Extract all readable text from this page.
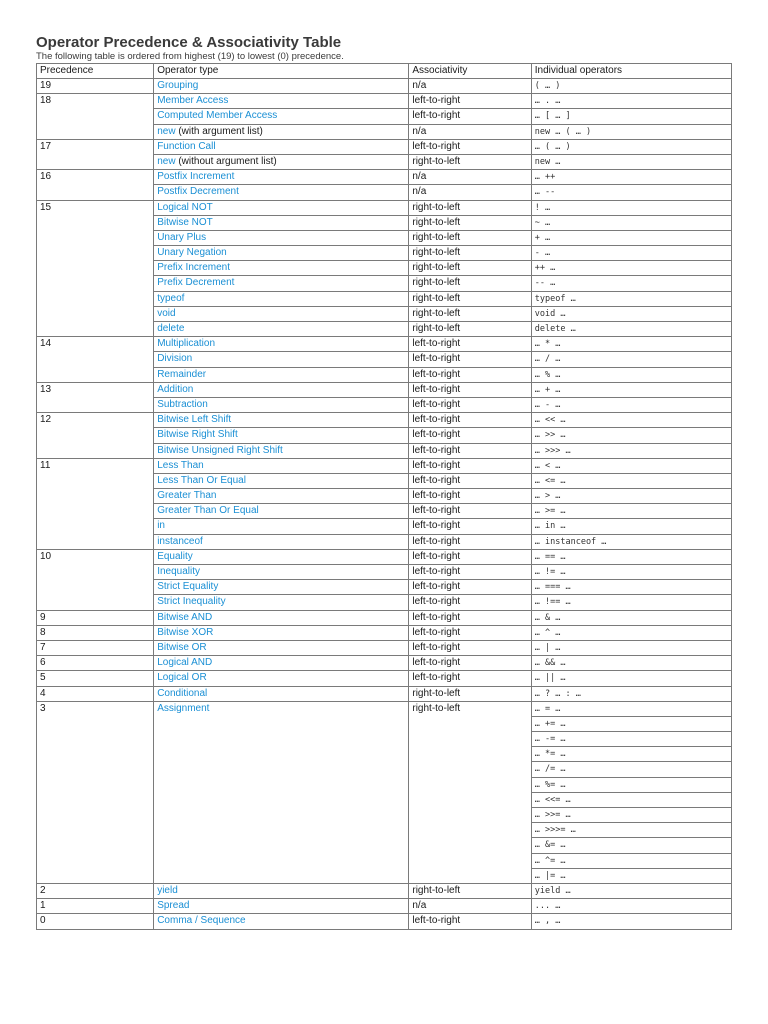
Operator Precedence & Associativity Table

The following table is ordered from highest (19) to lowest (0) precedence.

Precedence	Operator type	Associativity	Individual operators
19	Grouping	n/a	( … )
18	Member Access	left-to-right	… . …
	Computed Member Access	left-to-right	… [ … ]
	new (with argument list)	n/a	new … ( … )
17	Function Call	left-to-right	… ( … )
	new (without argument list)	right-to-left	new …
16	Postfix Increment	n/a	… ++
	Postfix Decrement	n/a	… --
15	Logical NOT	right-to-left	! …
	Bitwise NOT	right-to-left	~ …
	Unary Plus	right-to-left	+ …
	Unary Negation	right-to-left	- …
	Prefix Increment	right-to-left	++ …
	Prefix Decrement	right-to-left	-- …
	typeof	right-to-left	typeof …
	void	right-to-left	void …
	delete	right-to-left	delete …
14	Multiplication	left-to-right	… * …
	Division	left-to-right	… / …
	Remainder	left-to-right	… % …
13	Addition	left-to-right	… + …
	Subtraction	left-to-right	… - …
12	Bitwise Left Shift	left-to-right	… << …
	Bitwise Right Shift	left-to-right	… >> …
	Bitwise Unsigned Right Shift	left-to-right	… >>> …
11	Less Than	left-to-right	… < …
	Less Than Or Equal	left-to-right	… <= …
	Greater Than	left-to-right	… > …
	Greater Than Or Equal	left-to-right	… >= …
	in	left-to-right	… in …
	instanceof	left-to-right	… instanceof …
10	Equality	left-to-right	… == …
	Inequality	left-to-right	… != …
	Strict Equality	left-to-right	… === …
	Strict Inequality	left-to-right	… !== …
9	Bitwise AND	left-to-right	… & …
8	Bitwise XOR	left-to-right	… ^ …
7	Bitwise OR	left-to-right	… | …
6	Logical AND	left-to-right	… && …
5	Logical OR	left-to-right	… || …
4	Conditional	right-to-left	… ? … : …
3	Assignment	right-to-left	… = …
			… += …
			… -= …
			… *= …
			… /= …
			… %= …
			… <<= …
			… >>= …
			… >>>= …
			… &= …
			… ^= …
			… |= …
2	yield	right-to-left	yield …
1	Spread	n/a	... …
0	Comma / Sequence	left-to-right	… , …
